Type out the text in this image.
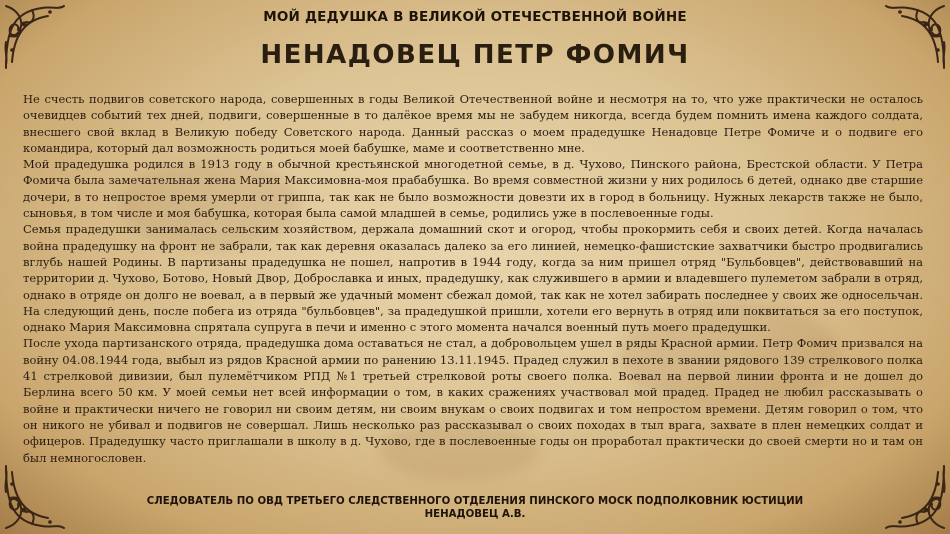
МОЙ ДЕДУШКА В ВЕЛИКОЙ ОТЕЧЕСТВЕННОЙ ВОЙНЕ
НЕНАДОВЕЦ ПЕТР ФОМИЧ

Не счесть подвигов советского народа, совершенных в годы Великой Отечественной войне и несмотря на то, что уже практически не осталось очевидцев событий тех дней, подвиги, совершенные в то далёкое время мы не забудем никогда, всегда будем помнить имена каждого солдата, внесшего свой вклад в Великую победу Советского народа. Данный рассказ о моем прадедушке Ненадовце Петре Фомиче и о подвиге его командира, который дал возможность родиться моей бабушке, маме и соответственно мне.

Мой прадедушка родился в 1913 году в обычной крестьянской многодетной семье, в д. Чухово, Пинского района, Брестской области. У Петра Фомича была замечательная жена Мария Максимовна-моя прабабушка. Во время совместной жизни у них родилось 6 детей, однако две старшие дочери, в то непростое время умерли от гриппа, так как не было возможности довезти их в город в больницу. Нужных лекарств также не было, сыновья, в том числе и моя бабушка, которая была самой младшей в семье, родились уже в послевоенные годы.

Семья прадедушки занималась сельским хозяйством, держала домашний скот и огород, чтобы прокормить себя и своих детей. Когда началась война прадедушку на фронт не забрали, так как деревня оказалась далеко за его линией, немецко-фашистские захватчики быстро продвигались вглубь нашей Родины. В партизаны прадедушка не пошел, напротив в 1944 году, когда за ним пришел отряд "Бульбовцев", действовавший на территории д. Чухово, Ботово, Новый Двор, Доброславка и иных, прадедушку, как служившего в армии и владевшего пулеметом забрали в отряд, однако в отряде он долго не воевал, а в первый же удачный момент сбежал домой, так как не хотел забирать последнее у своих же односельчан. На следующий день, после побега из отряда "бульбовцев", за прадедушкой пришли, хотели его вернуть в отряд или поквитаться за его поступок, однако Мария Максимовна спрятала супруга в печи и именно с этого момента начался военный путь моего прадедушки.

После ухода партизанского отряда, прадедушка дома оставаться не стал, а добровольцем ушел в ряды Красной армии. Петр Фомич призвался на войну 04.08.1944 года, выбыл из рядов Красной армии по ранению 13.11.1945. Прадед служил в пехоте в звании рядового 139 стрелкового полка 41 стрелковой дивизии, был пулемётчиком РПД №1 третьей стрелковой роты своего полка. Воевал на первой линии фронта и не дошел до Берлина всего 50 км. У моей семьи нет всей информации о том, в каких сражениях участвовал мой прадед. Прадед не любил рассказывать о войне и практически ничего не говорил ни своим детям, ни своим внукам о своих подвигах и том непростом времени. Детям говорил о том, что он никого не убивал и подвигов не совершал. Лишь несколько раз рассказывал о своих походах в тыл врага, захвате в плен немецких солдат и офицеров. Прадедушку часто приглашали в школу в д. Чухово, где в послевоенные годы он проработал практически до своей смерти но и там он был немногословен.

СЛЕДОВАТЕЛЬ ПО ОВД ТРЕТЬЕГО СЛЕДСТВЕННОГО ОТДЕЛЕНИЯ ПИНСКОГО МОСК ПОДПОЛКОВНИК ЮСТИЦИИ
НЕНАДОВЕЦ А.В.
